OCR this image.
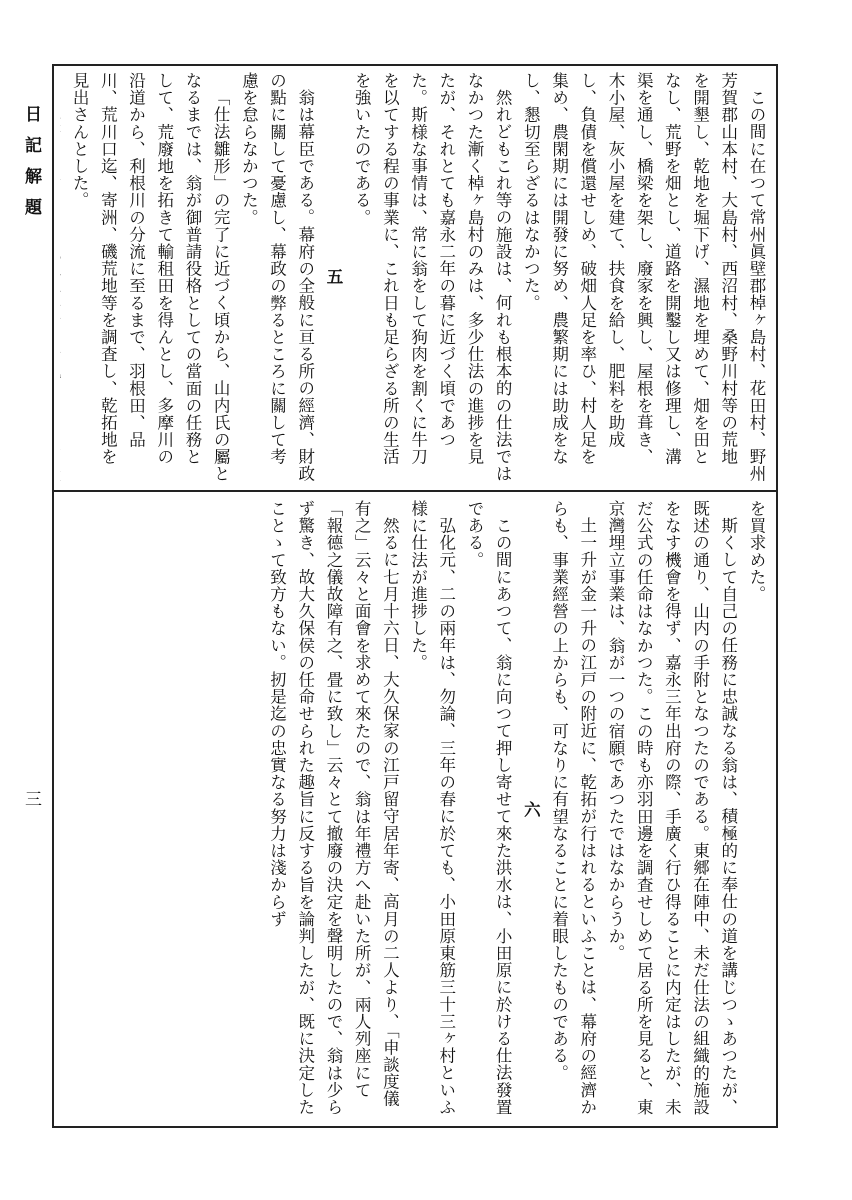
日記解題
三

この間に在つて常州眞壁郡棹ヶ島村、花田村、野州芳賀郡山本村、大島村、西沼村、桑野川村等の荒地を開墾し、乾地を堀下げ、濕地を埋めて、畑を田となし、荒野を畑とし、道路を開鑿し又は修理し、溝渠を通し、橋梁を架し、廢家を興し、屋根を葺き、木小屋、灰小屋を建て、扶食を給し、肥料を助成し、負債を償還せしめ、破畑人足を率ひ、村人足を集め、農閑期には開發に努め、農繁期には助成をなし、懇切至らざるはなかつた。

然れどもこれ等の施設は、何れも根本的の仕法ではなかつた漸く棹ヶ島村のみは、多少仕法の進捗を見たが、それとても嘉永二年の暮に近づく頃であつた。斯様な事情は、常に翁をして狗肉を割くに牛刀を以てする程の事業に、これ日も足らざる所の生活を強いたのである。

五

翁は幕臣である。幕府の全般に亘る所の經濟、財政の點に關して憂慮し、幕政の弊るところに關して考慮を怠らなかつた。

「仕法雛形」の完了に近づく頃から、山内氏の屬となるまでは、翁が御普請役格としての當面の任務として、荒廢地を拓きて輸租田を得んとし、多摩川の沿道から、利根川の分流に至るまで、羽根田、品川、荒川口迄、寄洲、磯荒地等を調査し、乾拓地を見出さんとした。

を買求めた。

斯くして自己の任務に忠誠なる翁は、積極的に奉仕の道を講じつゝあつたが、既述の通り、山内の手附となつたのである。東郷在陣中、未だ仕法の組織的施設をなす機會を得ず、嘉永三年出府の際、手廣く行ひ得ることに内定はしたが、未だ公式の任命はなかつた。この時も亦羽田邊を調査せしめて居る所を見ると、東京灣埋立事業は、翁が一つの宿願であつたではなからうか。

土一升が金一升の江戸の附近に、乾拓が行はれるといふことは、幕府の經濟からも、事業經營の上からも、可なりに有望なることに着眼したものである。

六

この間にあつて、翁に向つて押し寄せて來た洪水は、小田原に於ける仕法發置である。

弘化元、二の兩年は、勿論、三年の春に於ても、小田原東筋三十三ヶ村といふ様に仕法が進捗した。

然るに七月十六日、大久保家の江戸留守居年寄、高月の二人より、「申談度儀有之」云々と面會を求めて來たので、翁は年禮方へ赴いた所が、兩人列座にて「報德之儀故障有之、畳に致し」云々とて撤廢の決定を聲明したので、翁は少らず驚き、故大久保侯の任命せられた趣旨に反する旨を論判したが、既に決定したことゝて致方もない。扨是迄の忠實なる努力は淺からず
